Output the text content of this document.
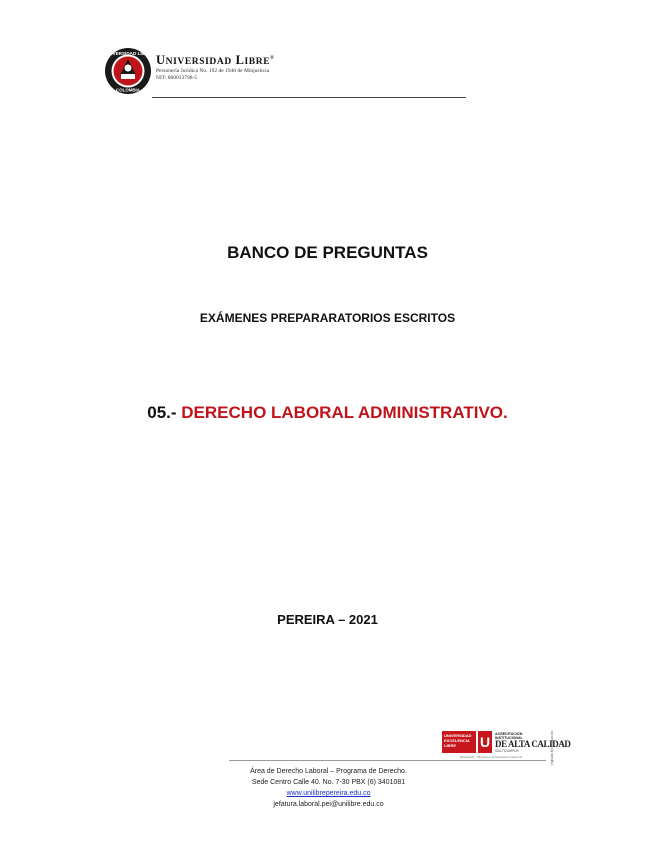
UNIVERSIDAD LIBRE
COLOMBIA
UNIVERSIDAD LIBRE®
Personería Jurídica No. 192 de 1946 de Minjusticia
NIT: 860013798-5
BANCO DE PREGUNTAS
EXÁMENES PREPARARATORIOS ESCRITOS
05.- DERECHO LABORAL ADMINISTRATIVO.
PEREIRA – 2021
UNIVERSIDAD
EXCELENCIA
LIBRE U	ACREDITACIÓN INSTITUCIONAL
DE ALTA CALIDAD
MULTICAMPUS
Resolución - Ministerio de Educación Nacional	Vigilada Mineducación
Área de Derecho Laboral – Programa de Derecho.
Sede Centro Calle 40. No. 7-30 PBX (6) 3401081
www.unilibrepereira.edu.co
jefatura.laboral.pei@unilibre.edu.co
